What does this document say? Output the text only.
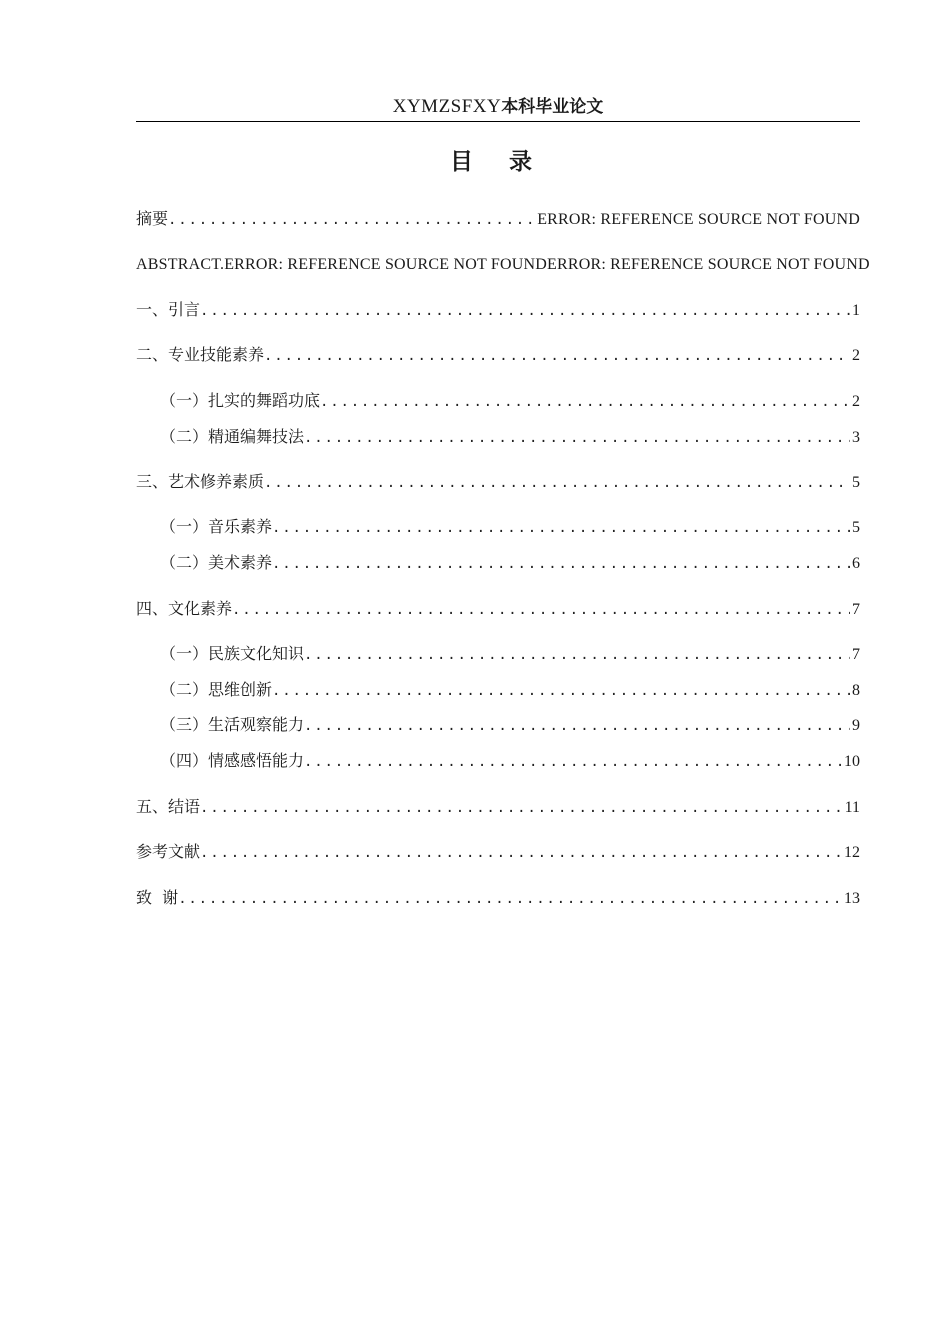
XYMZSFXY本科毕业论文
目 录
摘要 .....	ERROR: REFERENCE SOURCE NOT FOUND
ABSTRACT. ERROR: REFERENCE SOURCE NOT FOUNDERROR: REFERENCE SOURCE NOT FOUND
一、引言 .....	1
二、专业技能素养 .....	2
（一）扎实的舞蹈功底 .....	2
（二）精通编舞技法 .....	3
三、艺术修养素质 .....	5
（一）音乐素养 .....	5
（二）美术素养 .....	6
四、文化素养 .....	7
（一）民族文化知识 .....	7
（二）思维创新 .....	8
（三）生活观察能力 .....	9
（四）情感感悟能力 .....	10
五、结语 .....	11
参考文献 .....	12
致  谢 .....	13
